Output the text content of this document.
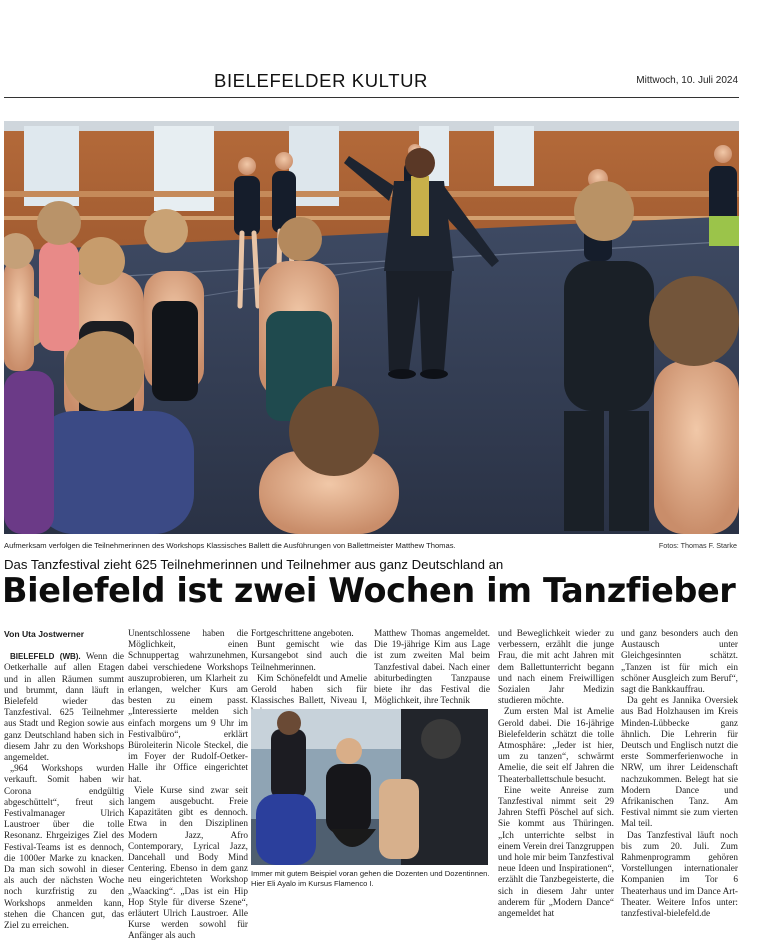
BIELEFELDER KULTUR	Mittwoch, 10. Juli 2024
Aufmerksam verfolgen die Teilnehmerinnen des Workshops Klassisches Ballett die Ausführungen von Ballettmeister Matthew Thomas.	Fotos: Thomas F. Starke
Das Tanzfestival zieht 625 Teilnehmerinnen und Teilnehmer aus ganz Deutschland an
Bielefeld ist zwei Wochen im Tanzfieber

Von Uta Jostwerner

BIELEFELD (WB). Wenn die Oetkerhalle auf allen Etagen und in allen Räumen summt und brummt, dann läuft in Bielefeld wieder das Tanzfestival. 625 Teilnehmer aus Stadt und Region sowie aus ganz Deutschland haben sich in diesem Jahr zu den Workshops angemeldet.

„964 Workshops wurden verkauft. Somit haben wir Corona endgültig abgeschüttelt“, freut sich Festivalmanager Ulrich Laustroer über die tolle Resonanz. Ehrgeiziges Ziel des Festival-Teams ist es dennoch, die 1000er Marke zu knacken. Da man sich sowohl in dieser als auch der nächsten Woche noch kurzfristig zu den Workshops anmelden kann, stehen die Chancen gut, das Ziel zu erreichen.

Unentschlossene haben die Möglichkeit, einen Schnuppertag wahrzunehmen, dabei verschiedene Workshops auszuprobieren, um Klarheit zu erlangen, welcher Kurs am besten zu einem passt. „Interessierte melden sich einfach morgens um 9 Uhr im Festivalbüro“, erklärt Büroleiterin Nicole Steckel, die im Foyer der Rudolf-Oetker-Halle ihr Office eingerichtet hat.

Viele Kurse sind zwar seit langem ausgebucht. Freie Kapazitäten gibt es dennoch. Etwa in den Disziplinen Modern Jazz, Afro Contemporary, Lyrical Jazz, Dancehall und Body Mind Centering. Ebenso in dem ganz neu eingerichteten Workshop „Waacking“. „Das ist ein Hip Hop Style für diverse Szene“, erläutert Ulrich Laustroer. Alle Kurse werden sowohl für Anfänger als auch

Fortgeschrittene angeboten.

Bunt gemischt wie das Kursangebot sind auch die Teilnehmerinnen.

Kim Schönefeldt und Amelie Gerold haben sich für Klassisches Ballett, Niveau I,

Matthew Thomas angemeldet. Die 19-jährige Kim aus Lage ist zum zweiten Mal beim Tanzfestival dabei. Nach einer abiturbedingten Tanzpause biete ihr das Festival die Möglichkeit, ihre Technik

Immer mit gutem Beispiel voran gehen die Dozenten und Dozentinnen. Hier Eli Ayalo im Kursus Flamenco I.

und Beweglichkeit wieder zu verbessern, erzählt die junge Frau, die mit acht Jahren mit dem Ballettunterricht begann und nach einem Freiwilligen Sozialen Jahr Medizin studieren möchte.

Zum ersten Mal ist Amelie Gerold dabei. Die 16-jährige Bielefelderin schätzt die tolle Atmosphäre: „Jeder ist hier, um zu tanzen“, schwärmt Amelie, die seit elf Jahren die Theaterballettschule besucht.

Eine weite Anreise zum Tanzfestival nimmt seit 29 Jahren Steffi Pöschel auf sich. Sie kommt aus Thüringen. „Ich unterrichte selbst in einem Verein drei Tanzgruppen und hole mir beim Tanzfestival neue Ideen und Inspirationen“, erzählt die Tanzbegeisterte, die sich in diesem Jahr unter anderem für „Modern Dance“ angemeldet hat

und ganz besonders auch den Austausch unter Gleichgesinnten schätzt. „Tanzen ist für mich ein schöner Ausgleich zum Beruf“, sagt die Bankkauffrau.

Da geht es Jannika Oversiek aus Bad Holzhausen im Kreis Minden-Lübbecke ganz ähnlich. Die Lehrerin für Deutsch und Englisch nutzt die erste Sommerferienwoche in NRW, um ihrer Leidenschaft nachzukommen. Belegt hat sie Modern Dance und Afrikanischen Tanz. Am Festival nimmt sie zum vierten Mal teil.

Das Tanzfestival läuft noch bis zum 20. Juli. Zum Rahmenprogramm gehören Vorstellungen internationaler Kompanien im Tor 6 Theaterhaus und im Dance Art-Theater. Weitere Infos unter: tanzfestival-bielefeld.de
